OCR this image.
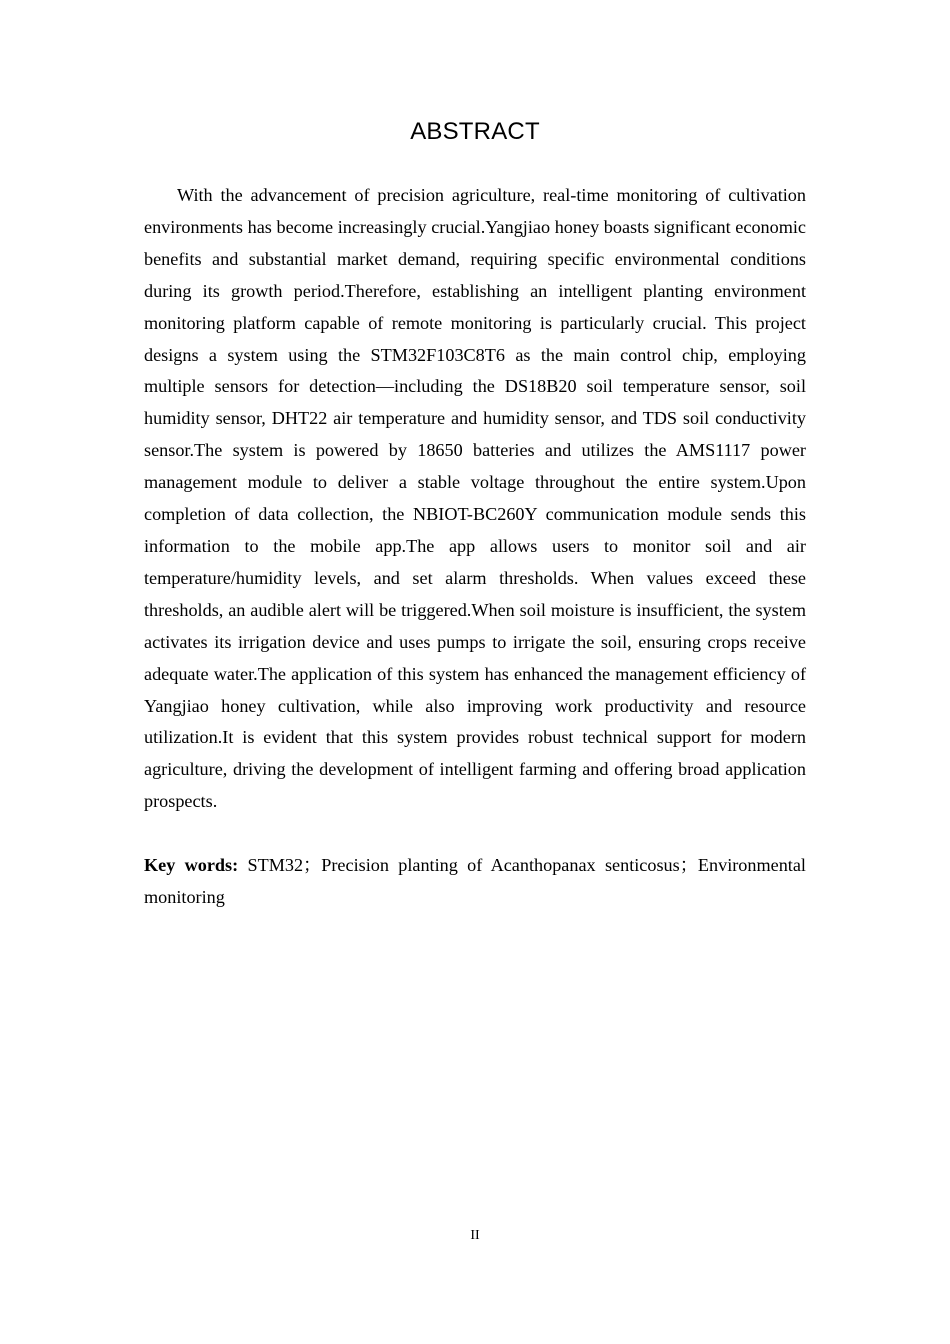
ABSTRACT

With the advancement of precision agriculture, real-time monitoring of cultivation environments has become increasingly crucial.Yangjiao honey boasts significant economic benefits and substantial market demand, requiring specific environmental conditions during its growth period.Therefore, establishing an intelligent planting environment monitoring platform capable of remote monitoring is particularly crucial. This project designs a system using the STM32F103C8T6 as the main control chip, employing multiple sensors for detection—including the DS18B20 soil temperature sensor, soil humidity sensor, DHT22 air temperature and humidity sensor, and TDS soil conductivity sensor.The system is powered by 18650 batteries and utilizes the AMS1117 power management module to deliver a stable voltage throughout the entire system.Upon completion of data collection, the NBIOT-BC260Y communication module sends this information to the mobile app.The app allows users to monitor soil and air temperature/humidity levels, and set alarm thresholds. When values exceed these thresholds, an audible alert will be triggered.When soil moisture is insufficient, the system activates its irrigation device and uses pumps to irrigate the soil, ensuring crops receive adequate water.The application of this system has enhanced the management efficiency of Yangjiao honey cultivation, while also improving work productivity and resource utilization.It is evident that this system provides robust technical support for modern agriculture, driving the development of intelligent farming and offering broad application prospects.

Key words: STM32；Precision planting of Acanthopanax senticosus；Environmental monitoring

II
